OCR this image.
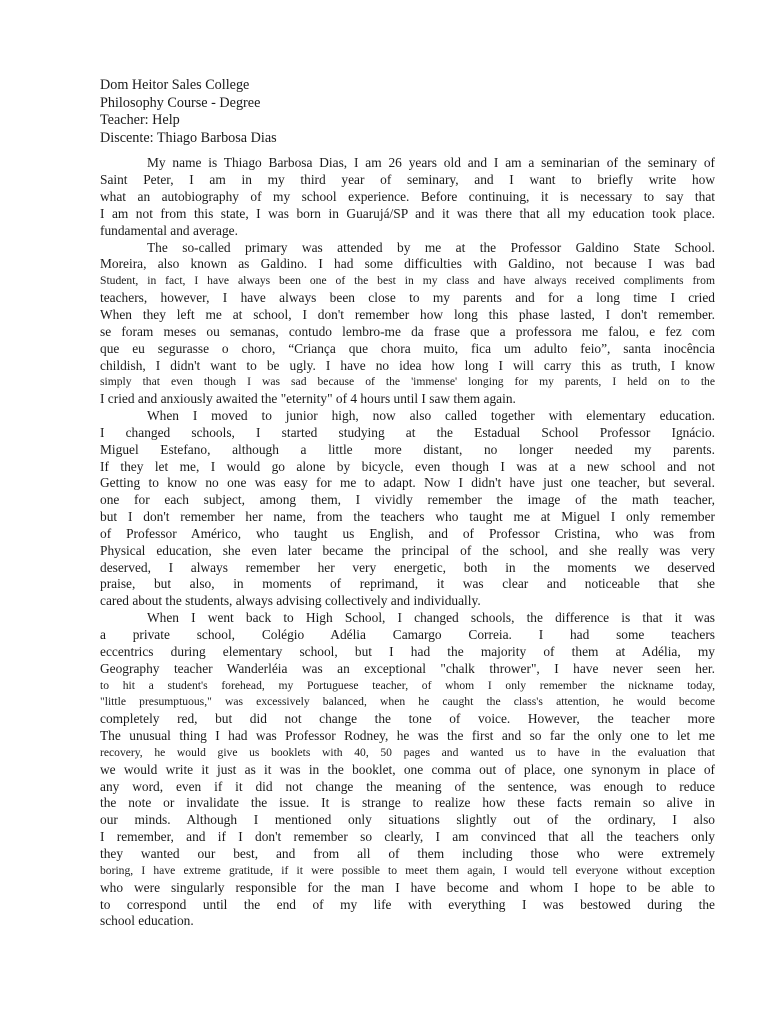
Dom Heitor Sales College
Philosophy Course - Degree
Teacher: Help
Discente: Thiago Barbosa Dias
My name is Thiago Barbosa Dias, I am 26 years old and I am a seminarian of the seminary of
Saint Peter, I am in my third year of seminary, and I want to briefly write how
what an autobiography of my school experience. Before continuing, it is necessary to say that
I am not from this state, I was born in Guarujá/SP and it was there that all my education took place.
fundamental and average.
The so-called primary was attended by me at the Professor Galdino State School.
Moreira, also known as Galdino. I had some difficulties with Galdino, not because I was bad
Student, in fact, I have always been one of the best in my class and have always received compliments from
teachers, however, I have always been close to my parents and for a long time I cried
When they left me at school, I don't remember how long this phase lasted, I don't remember.
se foram meses ou semanas, contudo lembro-me da frase que a professora me falou, e fez com
que eu segurasse o choro, “Criança que chora muito, fica um adulto feio”, santa inocência
childish, I didn't want to be ugly. I have no idea how long I will carry this as truth, I know
simply that even though I was sad because of the 'immense' longing for my parents, I held on to the
I cried and anxiously awaited the "eternity" of 4 hours until I saw them again.
When I moved to junior high, now also called together with elementary education.
I changed schools, I started studying at the Estadual School Professor Ignácio.
Miguel Estefano, although a little more distant, no longer needed my parents.
If they let me, I would go alone by bicycle, even though I was at a new school and not
Getting to know no one was easy for me to adapt. Now I didn't have just one teacher, but several.
one for each subject, among them, I vividly remember the image of the math teacher,
but I don't remember her name, from the teachers who taught me at Miguel I only remember
of Professor Américo, who taught us English, and of Professor Cristina, who was from
Physical education, she even later became the principal of the school, and she really was very
deserved, I always remember her very energetic, both in the moments we deserved
praise, but also, in moments of reprimand, it was clear and noticeable that she
cared about the students, always advising collectively and individually.
When I went back to High School, I changed schools, the difference is that it was
a private school, Colégio Adélia Camargo Correia. I had some teachers
eccentrics during elementary school, but I had the majority of them at Adélia, my
Geography teacher Wanderléia was an exceptional "chalk thrower", I have never seen her.
to hit a student's forehead, my Portuguese teacher, of whom I only remember the nickname today,
"little presumptuous," was excessively balanced, when he caught the class's attention, he would become
completely red, but did not change the tone of voice. However, the teacher more
The unusual thing I had was Professor Rodney, he was the first and so far the only one to let me
recovery, he would give us booklets with 40, 50 pages and wanted us to have in the evaluation that
we would write it just as it was in the booklet, one comma out of place, one synonym in place of
any word, even if it did not change the meaning of the sentence, was enough to reduce
the note or invalidate the issue. It is strange to realize how these facts remain so alive in
our minds. Although I mentioned only situations slightly out of the ordinary, I also
I remember, and if I don't remember so clearly, I am convinced that all the teachers only
they wanted our best, and from all of them including those who were extremely
boring, I have extreme gratitude, if it were possible to meet them again, I would tell everyone without exception
who were singularly responsible for the man I have become and whom I hope to be able to
to correspond until the end of my life with everything I was bestowed during the
school education.
